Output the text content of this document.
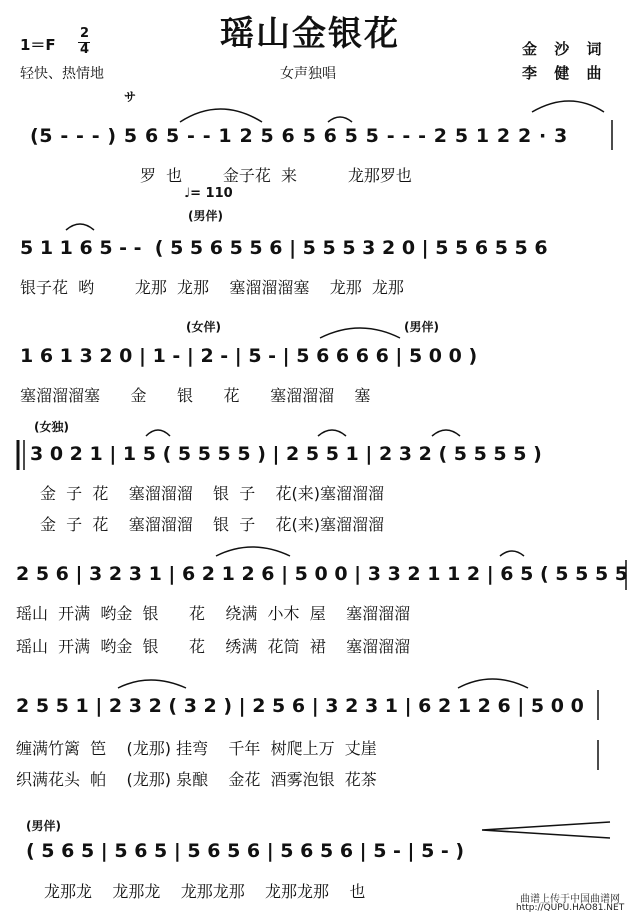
瑶山金银花
1＝F
2
4
轻快、热情地	女声独唱
金 沙 词
李 健 曲
サ
(5 - - - ) 5 6 5 - - 1 2 5 6 5 6 5 5 - - - 2 5 1 2 2 · 3
罗  也        金子花  来          龙那罗也
♩= 110
(男伴)
5 1 1 6 5 - -  ( 5 5 6 5 5 6 | 5 5 5 3 2 0 | 5 5 6 5 5 6
银子花  哟        龙那  龙那    塞溜溜溜塞    龙那  龙那
(女伴)	(男伴)
1 6 1 3 2 0 | 1 - | 2 - | 5 - | 5 6 6 6 6 | 5 0 0 )
塞溜溜溜塞      金      银      花      塞溜溜溜    塞
(女独)
3 0 2 1 | 1 5 ( 5 5 5 5 ) | 2 5 5 1 | 2 3 2 ( 5 5 5 5 )
金  子  花    塞溜溜溜    银  子    花(来)塞溜溜溜
金  子  花    塞溜溜溜    银  子    花(来)塞溜溜溜
2 5 6 | 3 2 3 1 | 6 2 1 2 6 | 5 0 0 | 3 3 2 1 1 2 | 6 5 ( 5 5 5 5
瑶山  开满  哟金  银      花    绕满  小木  屋    塞溜溜溜
瑶山  开满  哟金  银      花    绣满  花筒  裙    塞溜溜溜
2 5 5 1 | 2 3 2 ( 3 2 ) | 2 5 6 | 3 2 3 1 | 6 2 1 2 6 | 5 0 0
缠满竹篱  笆    (龙那) 挂弯    千年  树爬上万  丈崖
织满花头  帕    (龙那) 泉酿    金花  酒雾泡银  花茶
(男伴)
( 5 6 5 | 5 6 5 | 5 6 5 6 | 5 6 5 6 | 5 - | 5 - )
龙那龙    龙那龙    龙那龙那    龙那龙那    也	曲谱上传于中国曲谱网
http://QUPU.HAO81.NET
